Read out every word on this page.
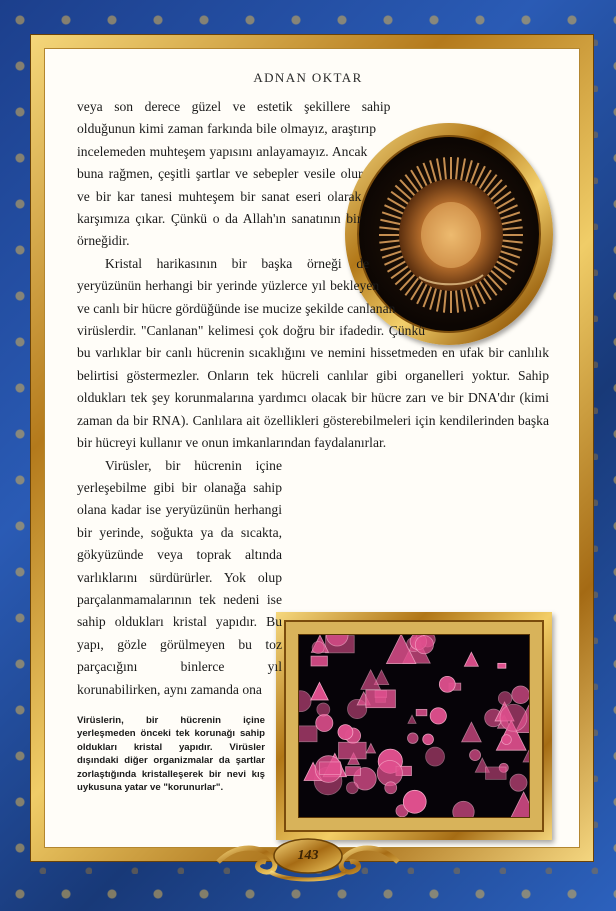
ADNAN OKTAR

veya son derece güzel ve estetik şekillere sahip olduğunun kimi zaman farkında bile olmayız, araştırıp incelemeden muhteşem yapısını anlayamayız. Ancak buna rağmen, çeşitli şartlar ve sebepler vesile olur ve bir kar tanesi muhteşem bir sanat eseri olarak karşımıza çıkar. Çünkü o da Allah'ın sanatının bir örneğidir.

Kristal harikasının bir başka örneği de yeryüzünün herhangi bir yerinde yüzlerce yıl bekleyen ve canlı bir hücre gördüğünde ise mucize şekilde canlanan virüslerdir. "Canlanan" kelimesi çok doğru bir ifadedir. Çünkü bu varlıklar bir canlı hücrenin sıcaklığını ve nemini hissetmeden en ufak bir canlılık belirtisi göstermezler. Onların tek hücreli canlılar gibi organelleri yoktur. Sahip oldukları tek şey korunmalarına yardımcı olacak bir hücre zarı ve bir DNA'dır (kimi zaman da bir RNA). Canlılara ait özellikleri gösterebilmeleri için kendilerinden başka bir hücreyi kullanır ve onun imkanlarından faydalanırlar.

Virüsler, bir hücrenin içine yerleşebilme gibi bir olanağa sahip olana kadar ise yeryüzünün herhangi bir yerinde, soğukta ya da sıcakta, gökyüzünde veya toprak altında varlıklarını sürdürürler. Yok olup parçalanmamalarının tek nedeni ise sahip oldukları kristal yapıdır. Bu yapı, gözle görülmeyen bu toz parçacığını binlerce yıl korunabilirken, aynı zamanda ona

Virüslerin, bir hücrenin içine yerleşmeden önceki tek korunağı sahip oldukları kristal yapıdır. Virüsler dışındaki diğer organizmalar da şartlar zorlaştığında kristalleşerek bir nevi kış uykusuna yatar ve "korunurlar".
143
